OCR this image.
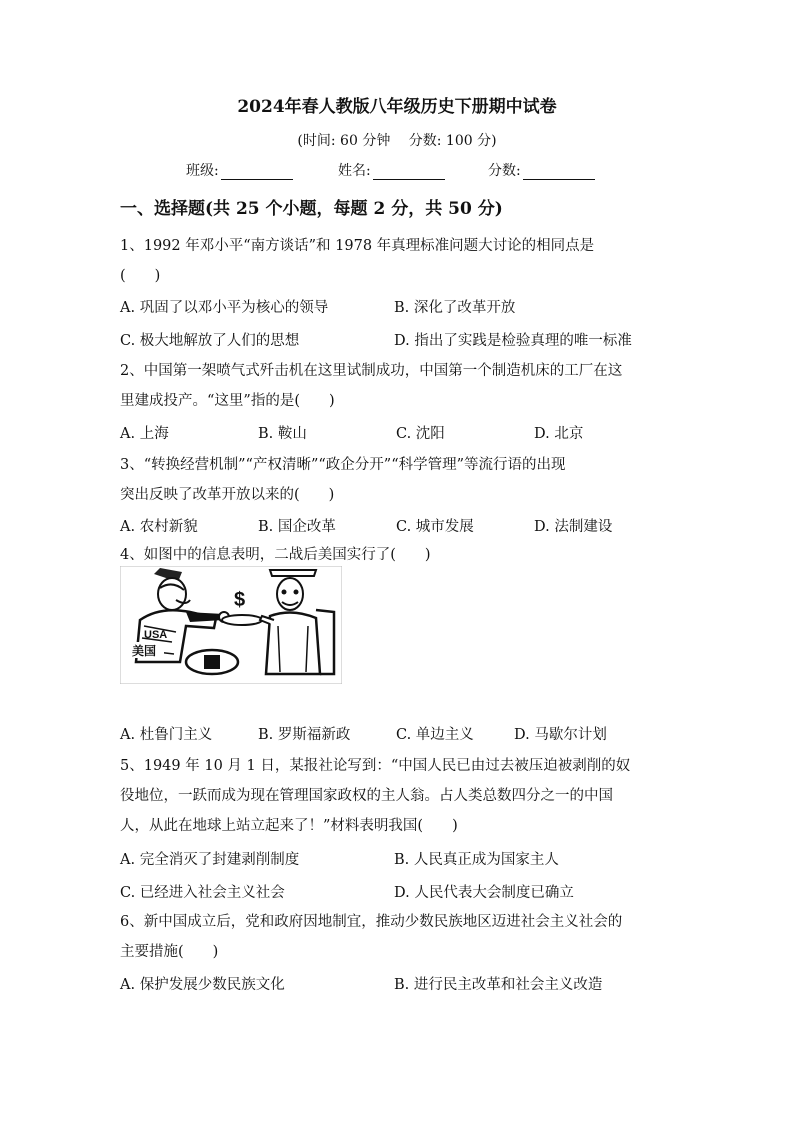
2024年春人教版八年级历史下册期中试卷
(时间: 60 分钟　 分数: 100 分)
班级:	姓名:	分数:
一、选择题(共 25 个小题，每题 2 分，共 50 分)
1、1992 年邓小平“南方谈话”和 1978 年真理标准问题大讨论的相同点是
(　　)
A. 巩固了以邓小平为核心的领导	B. 深化了改革开放
C. 极大地解放了人们的思想	D. 指出了实践是检验真理的唯一标准
2、中国第一架喷气式歼击机在这里试制成功，中国第一个制造机床的工厂在这
里建成投产。“这里”指的是(　　)
A. 上海	B. 鞍山	C. 沈阳	D. 北京
3、“转换经营机制”“产权清晰”“政企分开”“科学管理”等流行语的出现
突出反映了改革开放以来的(　　)
A. 农村新貌	B. 国企改革	C. 城市发展	D. 法制建设
4、如图中的信息表明，二战后美国实行了(　　)
USA
美国
$
A. 杜鲁门主义	B. 罗斯福新政	C. 单边主义	D. 马歇尔计划
5、1949 年 10 月 1 日，某报社论写到：“中国人民已由过去被压迫被剥削的奴
役地位，一跃而成为现在管理国家政权的主人翁。占人类总数四分之一的中国
人，从此在地球上站立起来了！”材料表明我国(　　)
A. 完全消灭了封建剥削制度	B. 人民真正成为国家主人
C. 已经进入社会主义社会	D. 人民代表大会制度已确立
6、新中国成立后，党和政府因地制宜，推动少数民族地区迈进社会主义社会的
主要措施(　　)
A. 保护发展少数民族文化	B. 进行民主改革和社会主义改造
